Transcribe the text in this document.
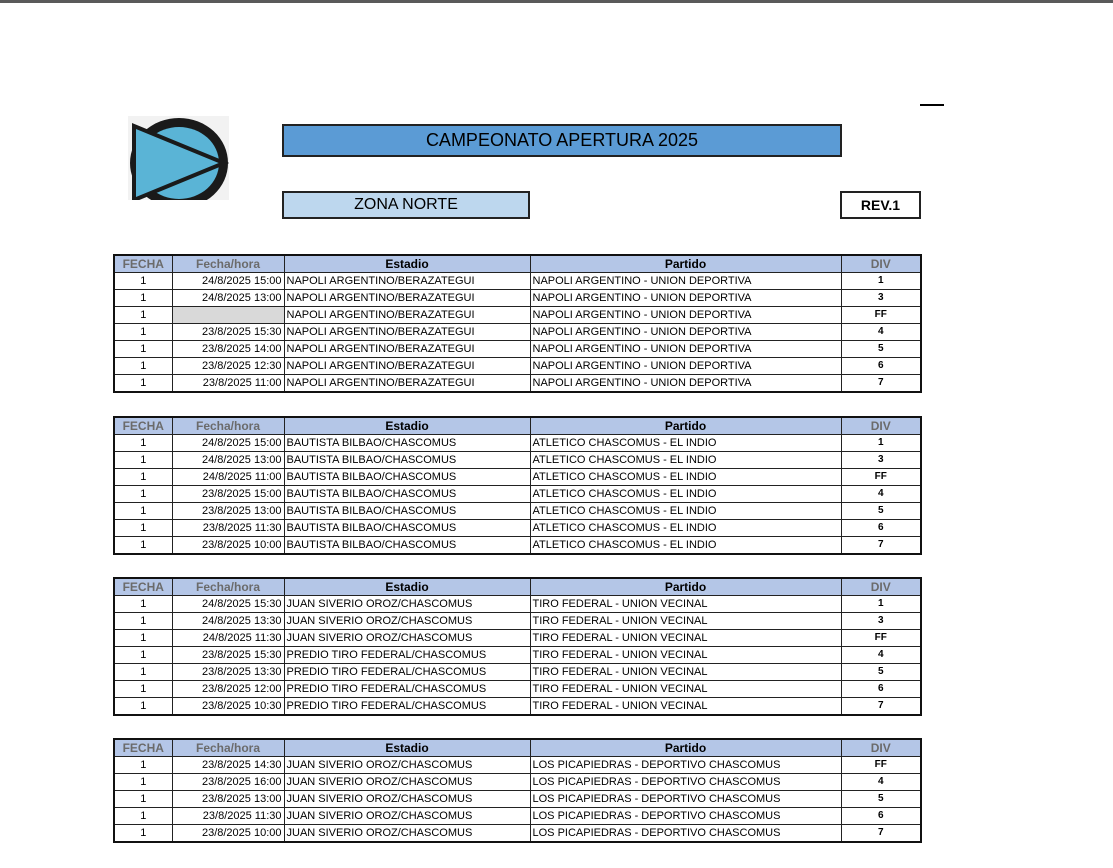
CAMPEONATO APERTURA 2025
ZONA NORTE	REV.1
FECHA	Fecha/hora	Estadio	Partido	DIV
1	24/8/2025 15:00	NAPOLI ARGENTINO/BERAZATEGUI	NAPOLI ARGENTINO - UNION DEPORTIVA	1
1	24/8/2025 13:00	NAPOLI ARGENTINO/BERAZATEGUI	NAPOLI ARGENTINO - UNION DEPORTIVA	3
1		NAPOLI ARGENTINO/BERAZATEGUI	NAPOLI ARGENTINO - UNION DEPORTIVA	FF
1	23/8/2025 15:30	NAPOLI ARGENTINO/BERAZATEGUI	NAPOLI ARGENTINO - UNION DEPORTIVA	4
1	23/8/2025 14:00	NAPOLI ARGENTINO/BERAZATEGUI	NAPOLI ARGENTINO - UNION DEPORTIVA	5
1	23/8/2025 12:30	NAPOLI ARGENTINO/BERAZATEGUI	NAPOLI ARGENTINO - UNION DEPORTIVA	6
1	23/8/2025 11:00	NAPOLI ARGENTINO/BERAZATEGUI	NAPOLI ARGENTINO - UNION DEPORTIVA	7
FECHA	Fecha/hora	Estadio	Partido	DIV
1	24/8/2025 15:00	BAUTISTA BILBAO/CHASCOMUS	ATLETICO CHASCOMUS - EL INDIO	1
1	24/8/2025 13:00	BAUTISTA BILBAO/CHASCOMUS	ATLETICO CHASCOMUS - EL INDIO	3
1	24/8/2025 11:00	BAUTISTA BILBAO/CHASCOMUS	ATLETICO CHASCOMUS - EL INDIO	FF
1	23/8/2025 15:00	BAUTISTA BILBAO/CHASCOMUS	ATLETICO CHASCOMUS - EL INDIO	4
1	23/8/2025 13:00	BAUTISTA BILBAO/CHASCOMUS	ATLETICO CHASCOMUS - EL INDIO	5
1	23/8/2025 11:30	BAUTISTA BILBAO/CHASCOMUS	ATLETICO CHASCOMUS - EL INDIO	6
1	23/8/2025 10:00	BAUTISTA BILBAO/CHASCOMUS	ATLETICO CHASCOMUS - EL INDIO	7
FECHA	Fecha/hora	Estadio	Partido	DIV
1	24/8/2025 15:30	JUAN SIVERIO OROZ/CHASCOMUS	TIRO FEDERAL - UNION VECINAL	1
1	24/8/2025 13:30	JUAN SIVERIO OROZ/CHASCOMUS	TIRO FEDERAL - UNION VECINAL	3
1	24/8/2025 11:30	JUAN SIVERIO OROZ/CHASCOMUS	TIRO FEDERAL - UNION VECINAL	FF
1	23/8/2025 15:30	PREDIO TIRO FEDERAL/CHASCOMUS	TIRO FEDERAL - UNION VECINAL	4
1	23/8/2025 13:30	PREDIO TIRO FEDERAL/CHASCOMUS	TIRO FEDERAL - UNION VECINAL	5
1	23/8/2025 12:00	PREDIO TIRO FEDERAL/CHASCOMUS	TIRO FEDERAL - UNION VECINAL	6
1	23/8/2025 10:30	PREDIO TIRO FEDERAL/CHASCOMUS	TIRO FEDERAL - UNION VECINAL	7
FECHA	Fecha/hora	Estadio	Partido	DIV
1	23/8/2025 14:30	JUAN SIVERIO OROZ/CHASCOMUS	LOS PICAPIEDRAS - DEPORTIVO CHASCOMUS	FF
1	23/8/2025 16:00	JUAN SIVERIO OROZ/CHASCOMUS	LOS PICAPIEDRAS - DEPORTIVO CHASCOMUS	4
1	23/8/2025 13:00	JUAN SIVERIO OROZ/CHASCOMUS	LOS PICAPIEDRAS - DEPORTIVO CHASCOMUS	5
1	23/8/2025 11:30	JUAN SIVERIO OROZ/CHASCOMUS	LOS PICAPIEDRAS - DEPORTIVO CHASCOMUS	6
1	23/8/2025 10:00	JUAN SIVERIO OROZ/CHASCOMUS	LOS PICAPIEDRAS - DEPORTIVO CHASCOMUS	7
